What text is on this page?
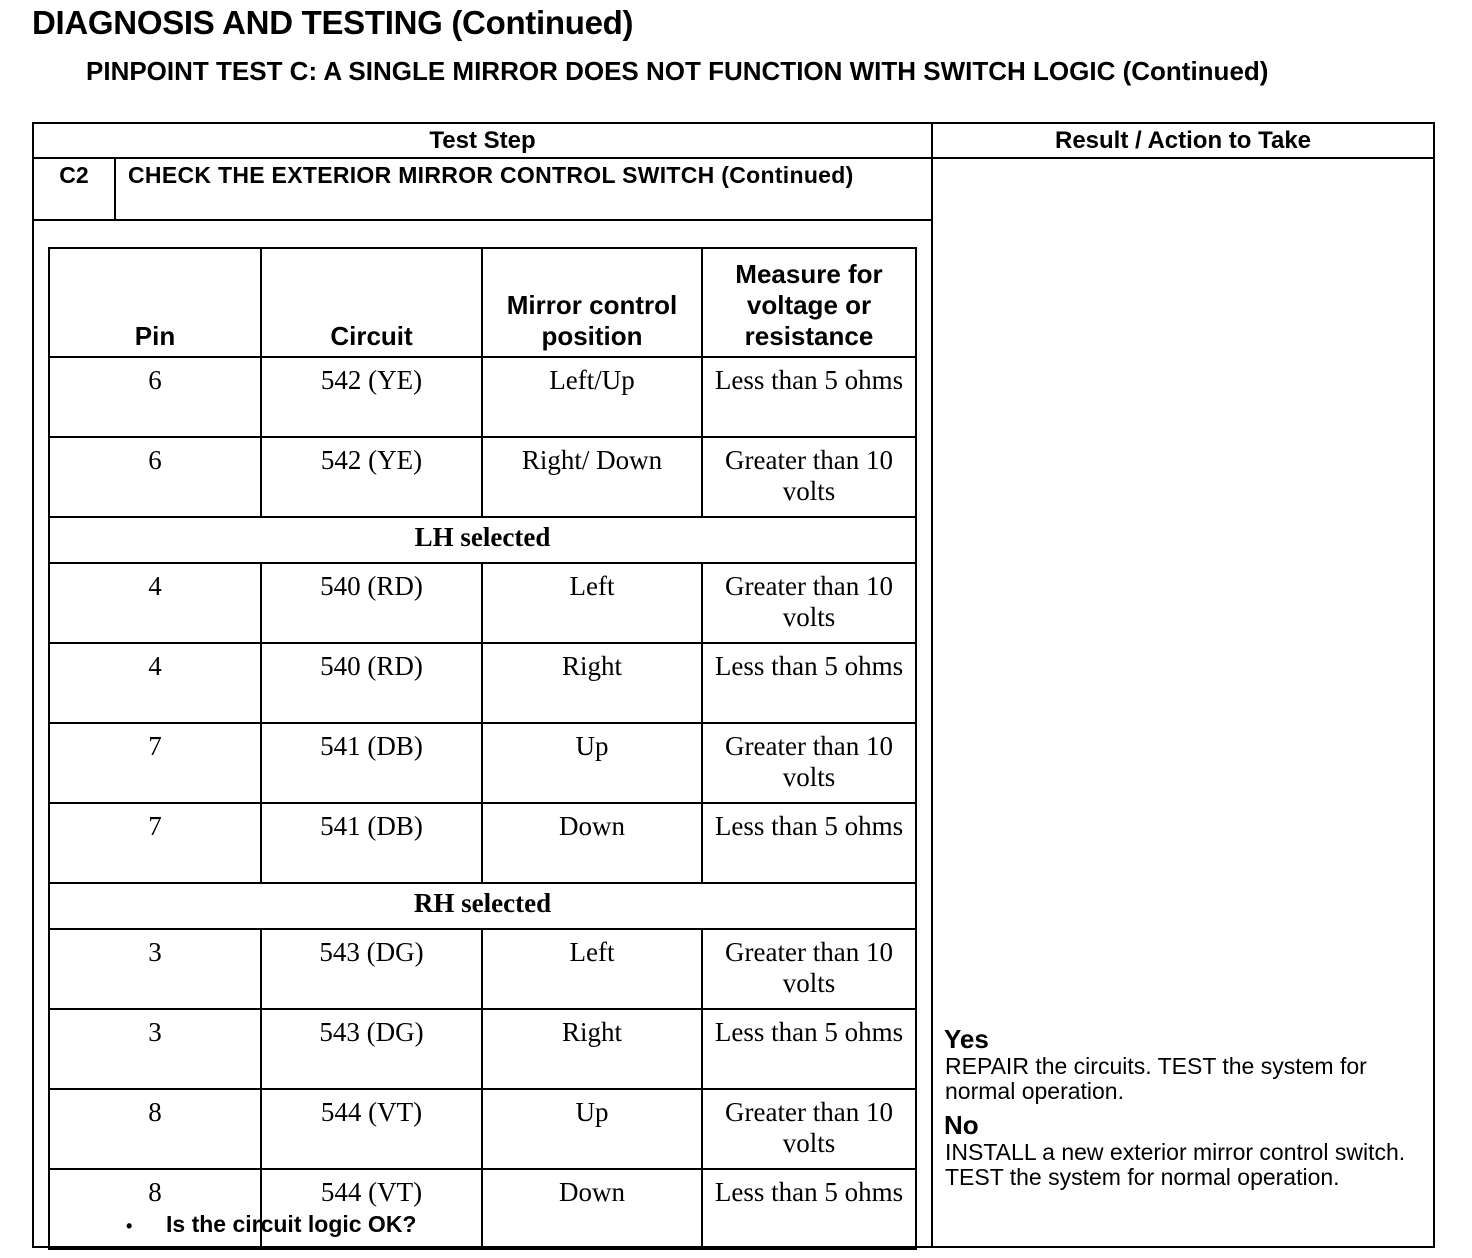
DIAGNOSIS AND TESTING (Continued)
PINPOINT TEST C: A SINGLE MIRROR DOES NOT FUNCTION WITH SWITCH LOGIC (Continued)
Test Step	Result / Action to Take
C2	CHECK THE EXTERIOR MIRROR CONTROL SWITCH (Continued)
Pin	Circuit	Mirror control position	Measure for voltage or resistance
6	542 (YE)	Left/Up	Less than 5 ohms
6	542 (YE)	Right/ Down	Greater than 10 volts
LH selected			
4	540 (RD)	Left	Greater than 10 volts
4	540 (RD)	Right	Less than 5 ohms
7	541 (DB)	Up	Greater than 10 volts
7	541 (DB)	Down	Less than 5 ohms
RH selected			
3	543 (DG)	Left	Greater than 10 volts
3	543 (DG)	Right	Less than 5 ohms
8	544 (VT)	Up	Greater than 10 volts
8	544 (VT)	Down	Less than 5 ohms
• Is the circuit logic OK?
Yes
REPAIR the circuits. TEST the system for normal operation.
No
INSTALL a new exterior mirror control switch. TEST the system for normal operation.
